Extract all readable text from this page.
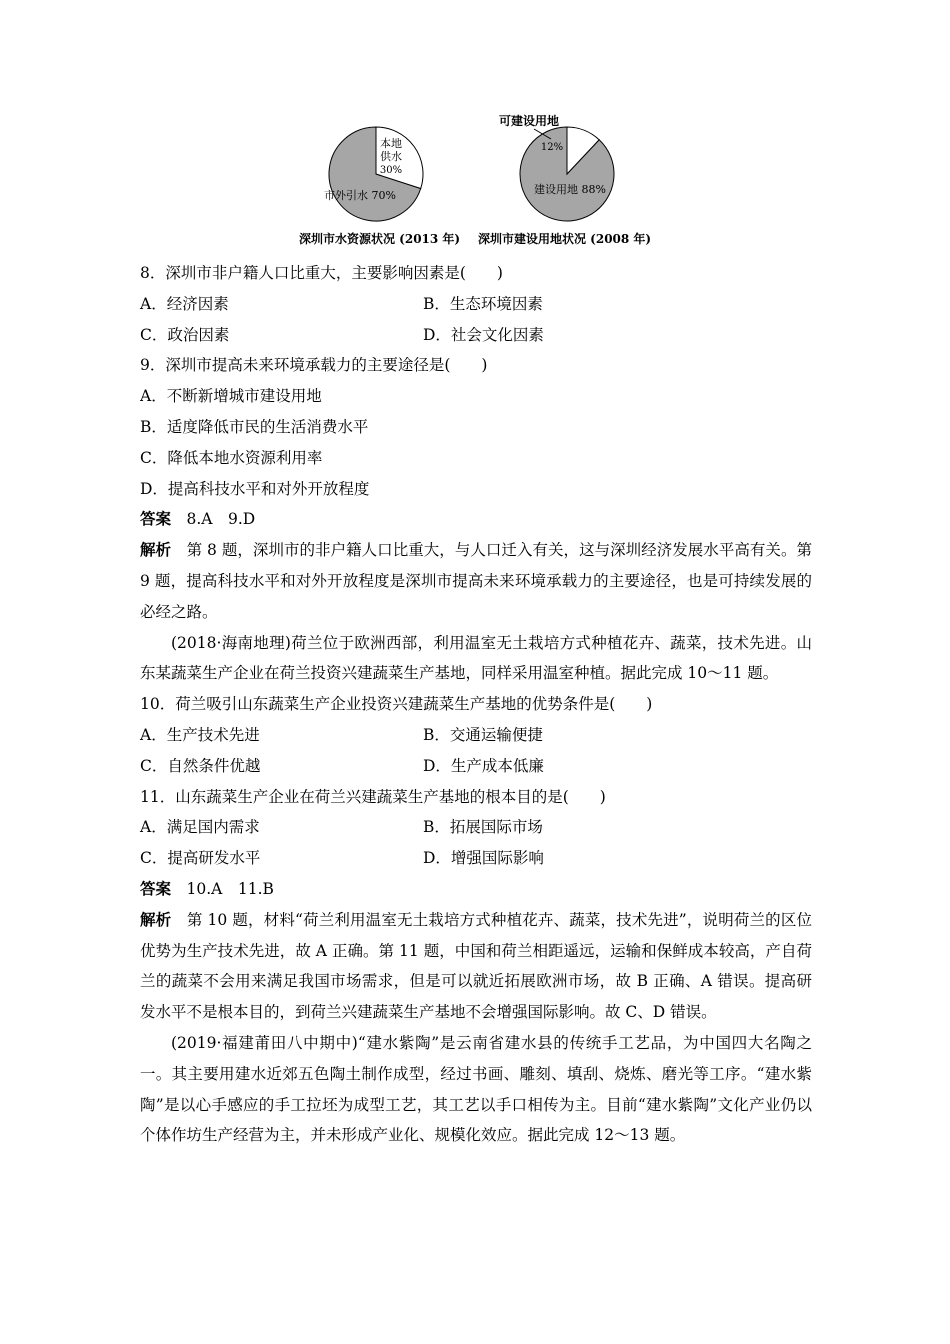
本地
供水
30%
市外引水 70%
可建设用地
12%
建设用地 88%
深圳市水资源状况 (2013 年) 深圳市建设用地状况 (2008 年)
8．深圳市非户籍人口比重大，主要影响因素是(　　)
A．经济因素	B．生态环境因素
C．政治因素	D．社会文化因素
9．深圳市提高未来环境承载力的主要途径是(　　)
A．不断新增城市建设用地
B．适度降低市民的生活消费水平
C．降低本地水资源利用率
D．提高科技水平和对外开放程度
答案 8.A　9.D
解析 第 8 题，深圳市的非户籍人口比重大，与人口迁入有关，这与深圳经济发展水平高有关。第 9 题，提高科技水平和对外开放程度是深圳市提高未来环境承载力的主要途径，也是可持续发展的必经之路。
(2018·海南地理)荷兰位于欧洲西部，利用温室无土栽培方式种植花卉、蔬菜，技术先进。山东某蔬菜生产企业在荷兰投资兴建蔬菜生产基地，同样采用温室种植。据此完成 10～11 题。
10．荷兰吸引山东蔬菜生产企业投资兴建蔬菜生产基地的优势条件是(　　)
A．生产技术先进	B．交通运输便捷
C．自然条件优越	D．生产成本低廉
11．山东蔬菜生产企业在荷兰兴建蔬菜生产基地的根本目的是(　　)
A．满足国内需求	B．拓展国际市场
C．提高研发水平	D．增强国际影响
答案 10.A　11.B
解析 第 10 题，材料“荷兰利用温室无土栽培方式种植花卉、蔬菜，技术先进”，说明荷兰的区位优势为生产技术先进，故 A 正确。第 11 题，中国和荷兰相距遥远，运输和保鲜成本较高，产自荷兰的蔬菜不会用来满足我国市场需求，但是可以就近拓展欧洲市场，故 B 正确、A 错误。提高研发水平不是根本目的，到荷兰兴建蔬菜生产基地不会增强国际影响。故 C、D 错误。
(2019·福建莆田八中期中)“建水紫陶”是云南省建水县的传统手工艺品，为中国四大名陶之一。其主要用建水近郊五色陶土制作成型，经过书画、雕刻、填刮、烧炼、磨光等工序。“建水紫陶”是以心手感应的手工拉坯为成型工艺，其工艺以手口相传为主。目前“建水紫陶”文化产业仍以个体作坊生产经营为主，并未形成产业化、规模化效应。据此完成 12～13 题。
